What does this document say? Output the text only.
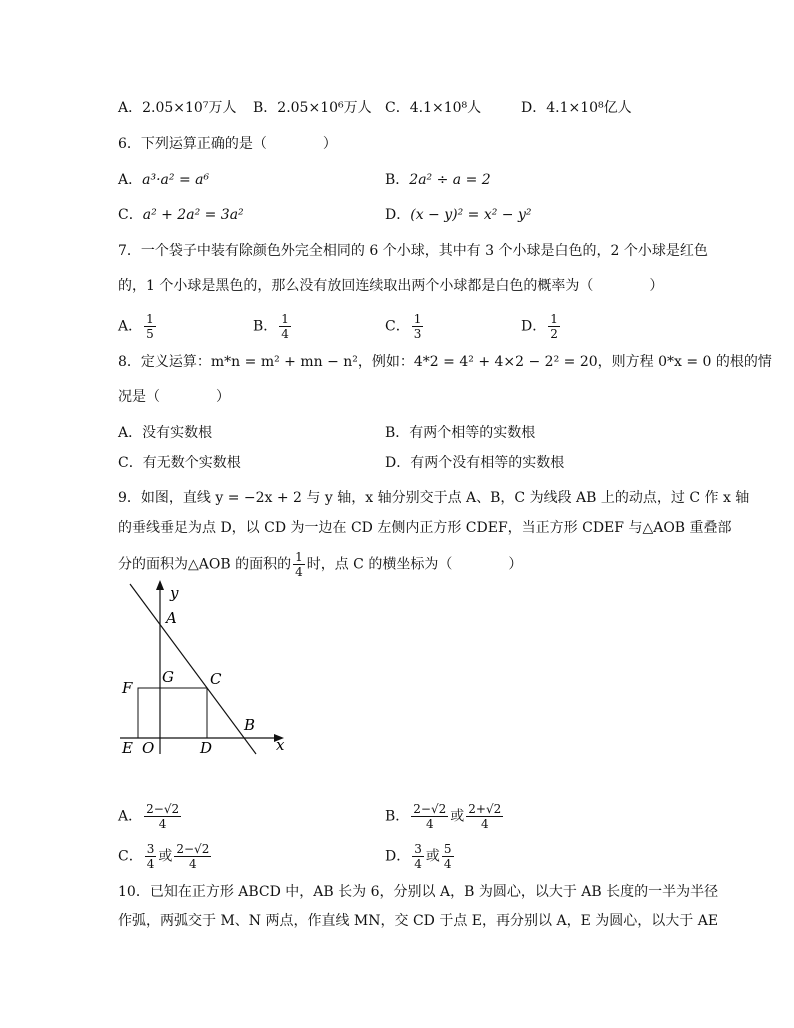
A．2.05×10⁷万人 B．2.05×10⁶万人 C．4.1×10⁸人	D．4.1×10⁸亿人
6．下列运算正确的是（　　　　）
A．a³·a² = a⁶	B．2a² ÷ a = 2
C．a² + 2a² = 3a²	D．(x − y)² = x² − y²
7．一个袋子中装有除颜色外完全相同的 6 个小球，其中有 3 个小球是白色的，2 个小球是红色
的，1 个小球是黑色的，那么没有放回连续取出两个小球都是白色的概率为（　　　　）
A． $\frac{1}{5}$	B． $\frac{1}{4}$	C． $\frac{1}{3}$	D． $\frac{1}{2}$
8．定义运算：m*n = m² + mn − n²，例如：4*2 = 4² + 4×2 − 2² = 20，则方程 0*x = 0 的根的情
况是（　　　　）
A．没有实数根	B．有两个相等的实数根
C．有无数个实数根	D．有两个没有相等的实数根
9．如图，直线 y = −2x + 2 与 y 轴，x 轴分别交于点 A、B，C 为线段 AB 上的动点，过 C 作 x 轴
的垂线垂足为点 D，以 CD 为一边在 CD 左侧内正方形 CDEF，当正方形 CDEF 与△AOB 重叠部
分的面积为△AOB 的面积的 $\frac{1}{4}$ 时，点 C 的横坐标为（　　　　）
y
A
G C
F
B
E O	D	x
A． $\frac{2-√2}{4}$	B． $\frac{2-√2}{4}$ 或 $\frac{2+√2}{4}$
C． $\frac{3}{4}$ 或 $\frac{2-√2}{4}$	D． $\frac{3}{4}$ 或 $\frac{5}{4}$
10．已知在正方形 ABCD 中，AB 长为 6，分别以 A，B 为圆心，以大于 AB 长度的一半为半径
作弧，两弧交于 M、N 两点，作直线 MN，交 CD 于点 E，再分别以 A，E 为圆心，以大于 AE
